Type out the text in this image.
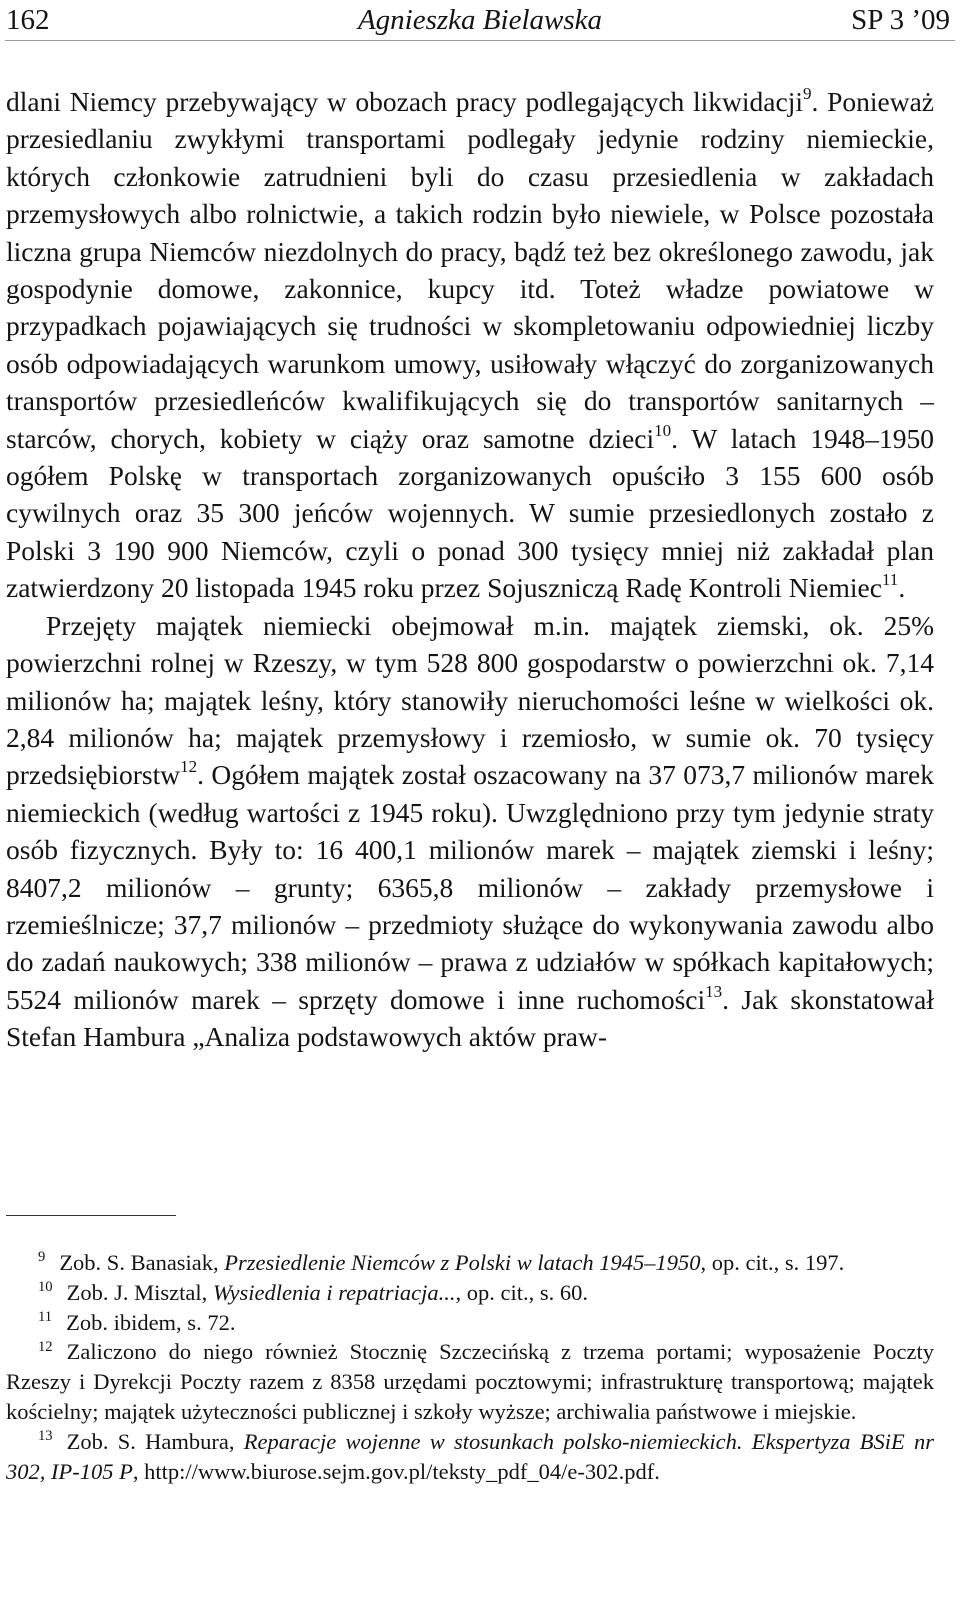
162	Agnieszka Bielawska	SP 3 ’09

dlani Niemcy przebywający w obozach pracy podlegających likwidacji$^9$. Ponieważ przesiedlaniu zwykłymi transportami podlegały jedynie rodziny niemieckie, których członkowie zatrudnieni byli do czasu przesiedlenia w zakładach przemysłowych albo rolnictwie, a takich rodzin było niewiele, w Polsce pozostała liczna grupa Niemców niezdolnych do pracy, bądź też bez określonego zawodu, jak gospodynie domowe, zakonnice, kupcy itd. Toteż władze powiatowe w przypadkach pojawiających się trudności w skompletowaniu odpowiedniej liczby osób odpowiadających warunkom umowy, usiłowały włączyć do zorganizowanych transportów przesiedleńców kwalifikujących się do transportów sanitarnych – starców, chorych, kobiety w ciąży oraz samotne dzieci$^{10}$. W latach 1948–1950 ogółem Polskę w transportach zorganizowanych opuściło 3 155 600 osób cywilnych oraz 35 300 jeńców wojennych. W sumie przesiedlonych zostało z Polski 3 190 900 Niemców, czyli o ponad 300 tysięcy mniej niż zakładał plan zatwierdzony 20 listopada 1945 roku przez Sojuszniczą Radę Kontroli Niemiec$^{11}$.

Przejęty majątek niemiecki obejmował m.in. majątek ziemski, ok. 25% powierzchni rolnej w Rzeszy, w tym 528 800 gospodarstw o powierzchni ok. 7,14 milionów ha; majątek leśny, który stanowiły nieruchomości leśne w wielkości ok. 2,84 milionów ha; majątek przemysłowy i rzemiosło, w sumie ok. 70 tysięcy przedsiębiorstw$^{12}$. Ogółem majątek został oszacowany na 37 073,7 milionów marek niemieckich (według wartości z 1945 roku). Uwzględniono przy tym jedynie straty osób fizycznych. Były to: 16 400,1 milionów marek – majątek ziemski i leśny; 8407,2 milionów – grunty; 6365,8 milionów – zakłady przemysłowe i rzemieślnicze; 37,7 milionów – przedmioty służące do wykonywania zawodu albo do zadań naukowych; 338 milionów – prawa z udziałów w spółkach kapitałowych; 5524 milionów marek – sprzęty domowe i inne ruchomości$^{13}$. Jak skonstatował Stefan Hambura „Analiza podstawowych aktów praw-

$^9$ Zob. S. Banasiak, Przesiedlenie Niemców z Polski w latach 1945–1950, op. cit., s. 197.

$^{10}$ Zob. J. Misztal, Wysiedlenia i repatriacja..., op. cit., s. 60.

$^{11}$ Zob. ibidem, s. 72.

$^{12}$ Zaliczono do niego również Stocznię Szczecińską z trzema portami; wyposażenie Poczty Rzeszy i Dyrekcji Poczty razem z 8358 urzędami pocztowymi; infrastrukturę transportową; majątek kościelny; majątek użyteczności publicznej i szkoły wyższe; archiwalia państwowe i miejskie.

$^{13}$ Zob. S. Hambura, Reparacje wojenne w stosunkach polsko-niemieckich. Ekspertyza BSiE nr 302, IP-105 P, http://www.biurose.sejm.gov.pl/teksty_pdf_04/e-302.pdf.
